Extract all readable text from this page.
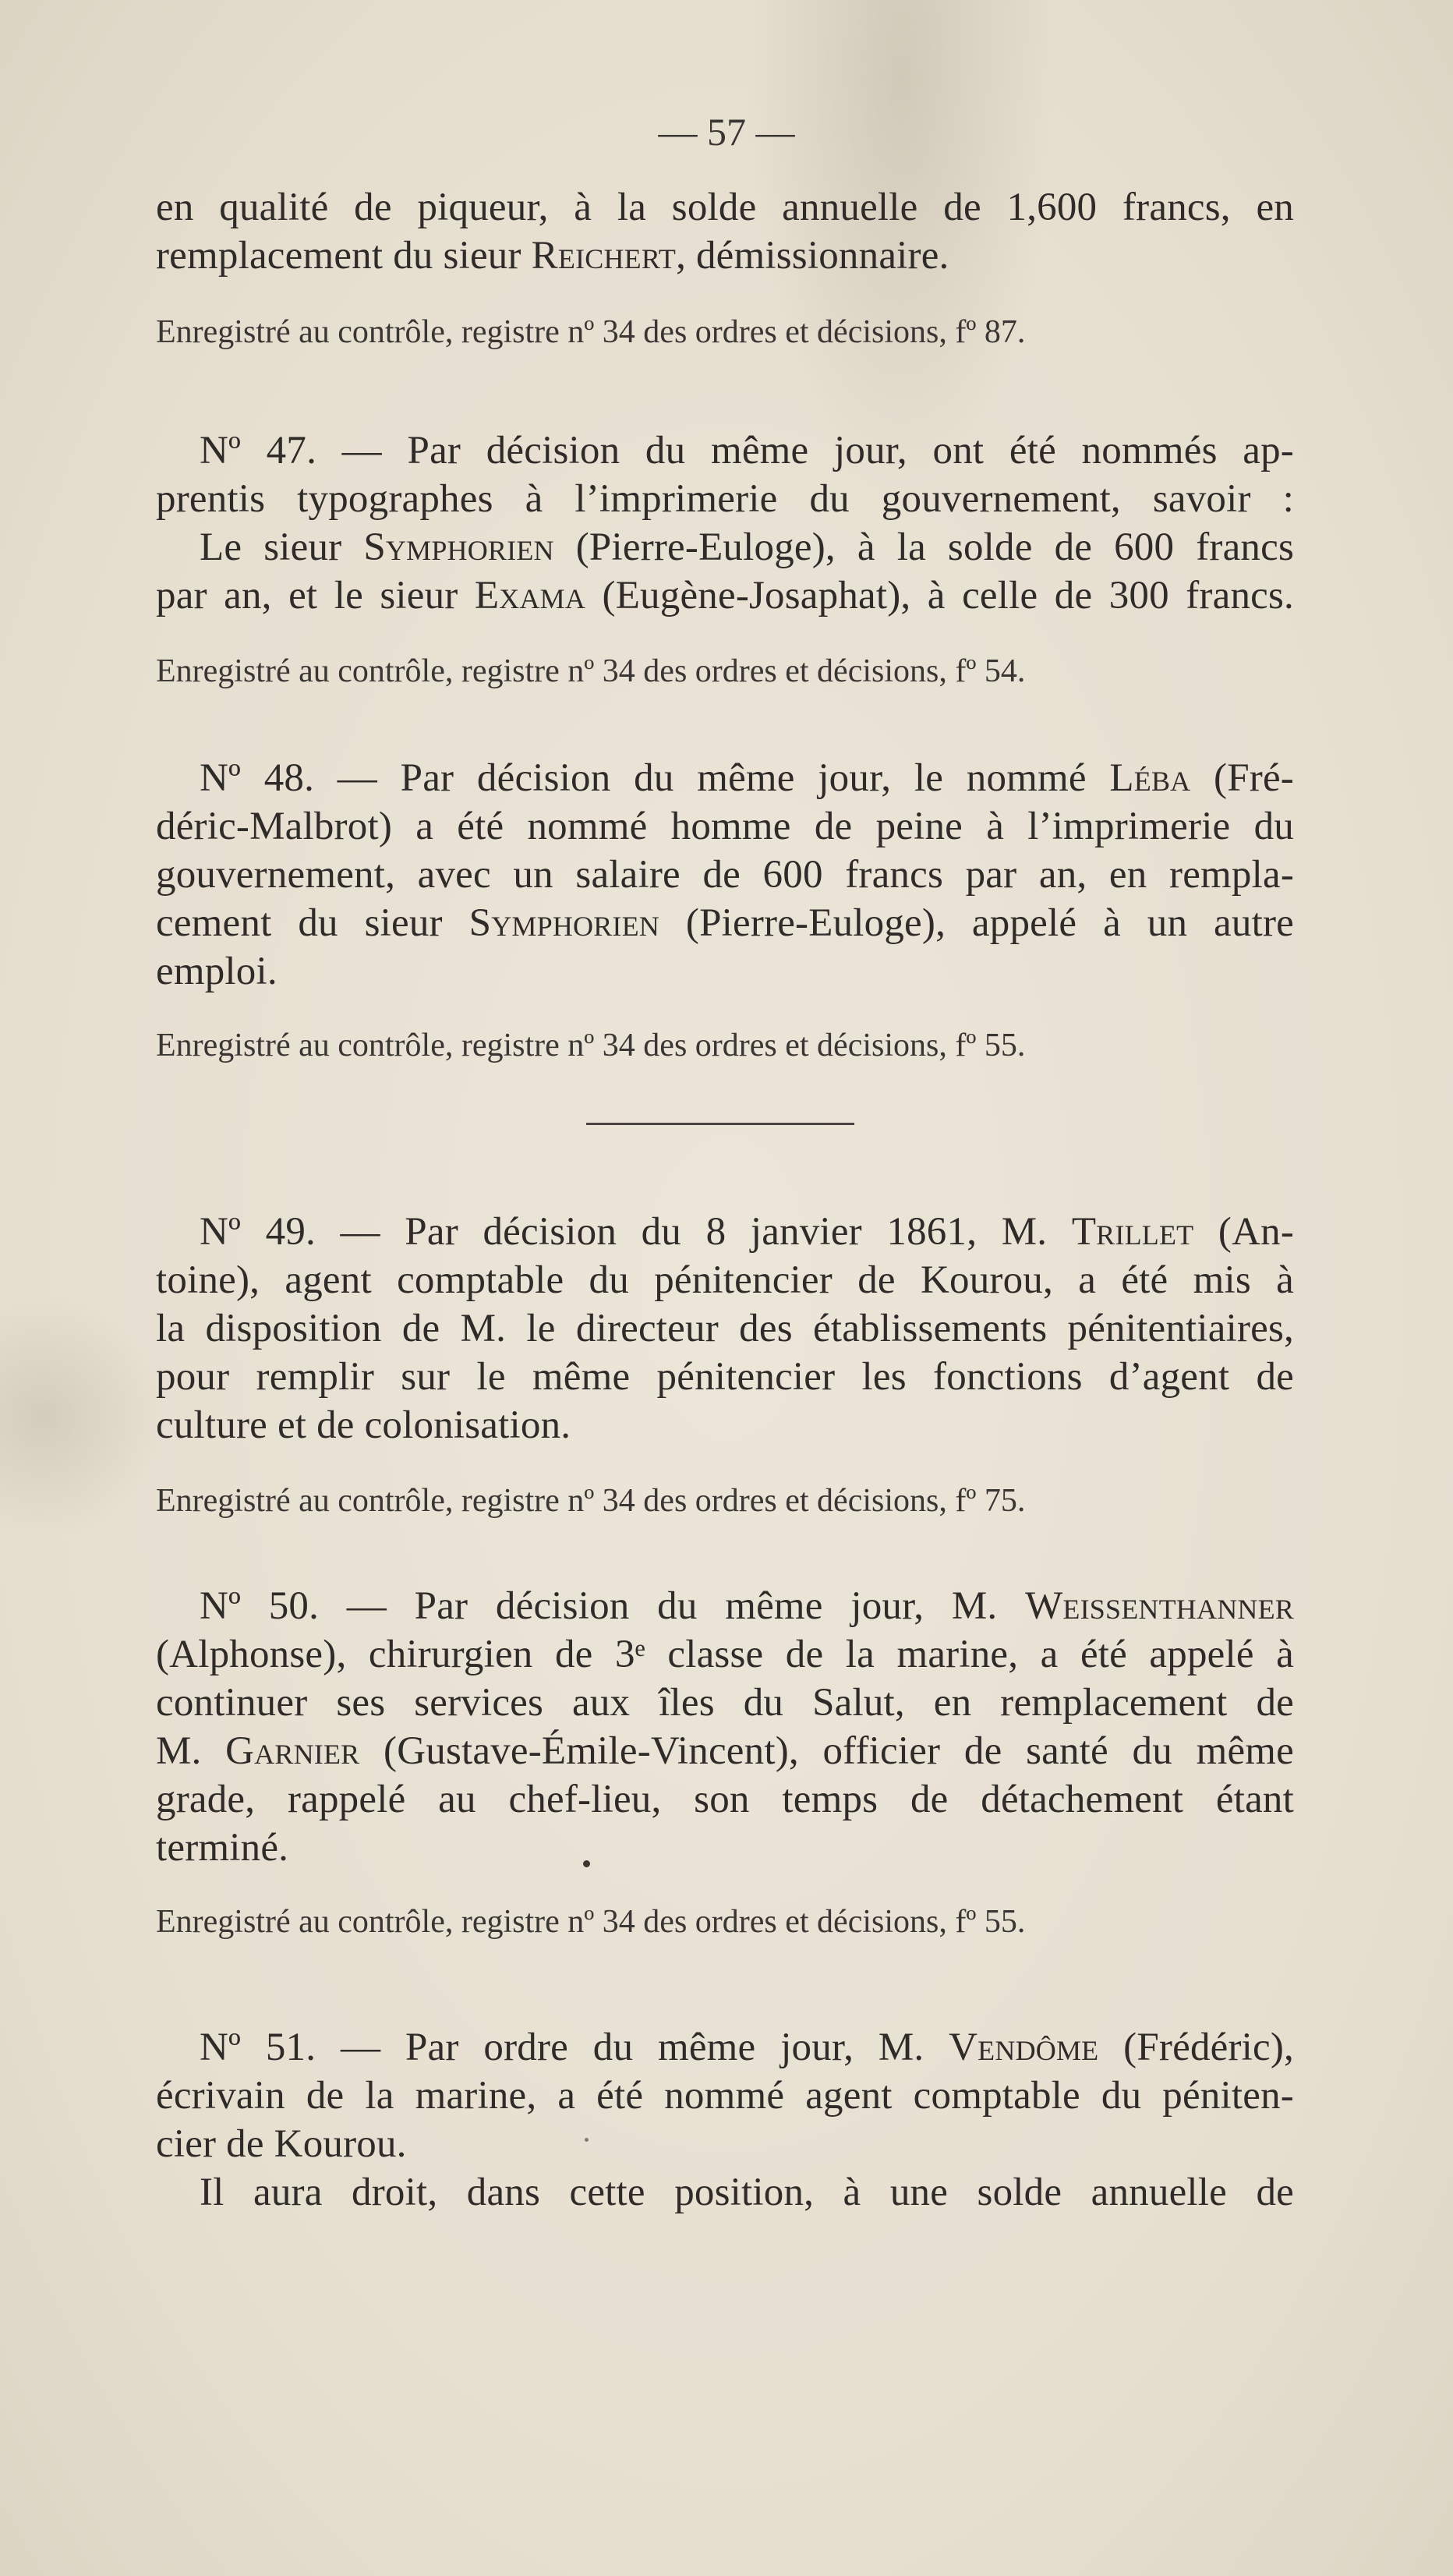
— 57 —
en qualité de piqueur, à la solde annuelle de 1,600 francs, en
remplacement du sieur Reichert, démissionnaire.
Enregistré au contrôle, registre nº 34 des ordres et décisions, fº 87.
Nº 47. — Par décision du même jour, ont été nommés ap-
prentis typographes à l’imprimerie du gouvernement, savoir :
Le sieur Symphorien (Pierre-Euloge), à la solde de 600 francs
par an, et le sieur Exama (Eugène-Josaphat), à celle de 300 francs.
Enregistré au contrôle, registre nº 34 des ordres et décisions, fº 54.
Nº 48. — Par décision du même jour, le nommé Léba (Fré-
déric-Malbrot) a été nommé homme de peine à l’imprimerie du
gouvernement, avec un salaire de 600 francs par an, en rempla-
cement du sieur Symphorien (Pierre-Euloge), appelé à un autre
emploi.
Enregistré au contrôle, registre nº 34 des ordres et décisions, fº 55.
Nº 49. — Par décision du 8 janvier 1861, M. Trillet (An-
toine), agent comptable du pénitencier de Kourou, a été mis à
la disposition de M. le directeur des établissements pénitentiaires,
pour remplir sur le même pénitencier les fonctions d’agent de
culture et de colonisation.
Enregistré au contrôle, registre nº 34 des ordres et décisions, fº 75.
Nº 50. — Par décision du même jour, M. Weissenthanner
(Alphonse), chirurgien de 3ᵉ classe de la marine, a été appelé à
continuer ses services aux îles du Salut, en remplacement de
M. Garnier (Gustave-Émile-Vincent), officier de santé du même
grade, rappelé au chef-lieu, son temps de détachement étant
terminé.
Enregistré au contrôle, registre nº 34 des ordres et décisions, fº 55.
Nº 51. — Par ordre du même jour, M. Vendôme (Frédéric),
écrivain de la marine, a été nommé agent comptable du péniten-
cier de Kourou.
Il aura droit, dans cette position, à une solde annuelle de
